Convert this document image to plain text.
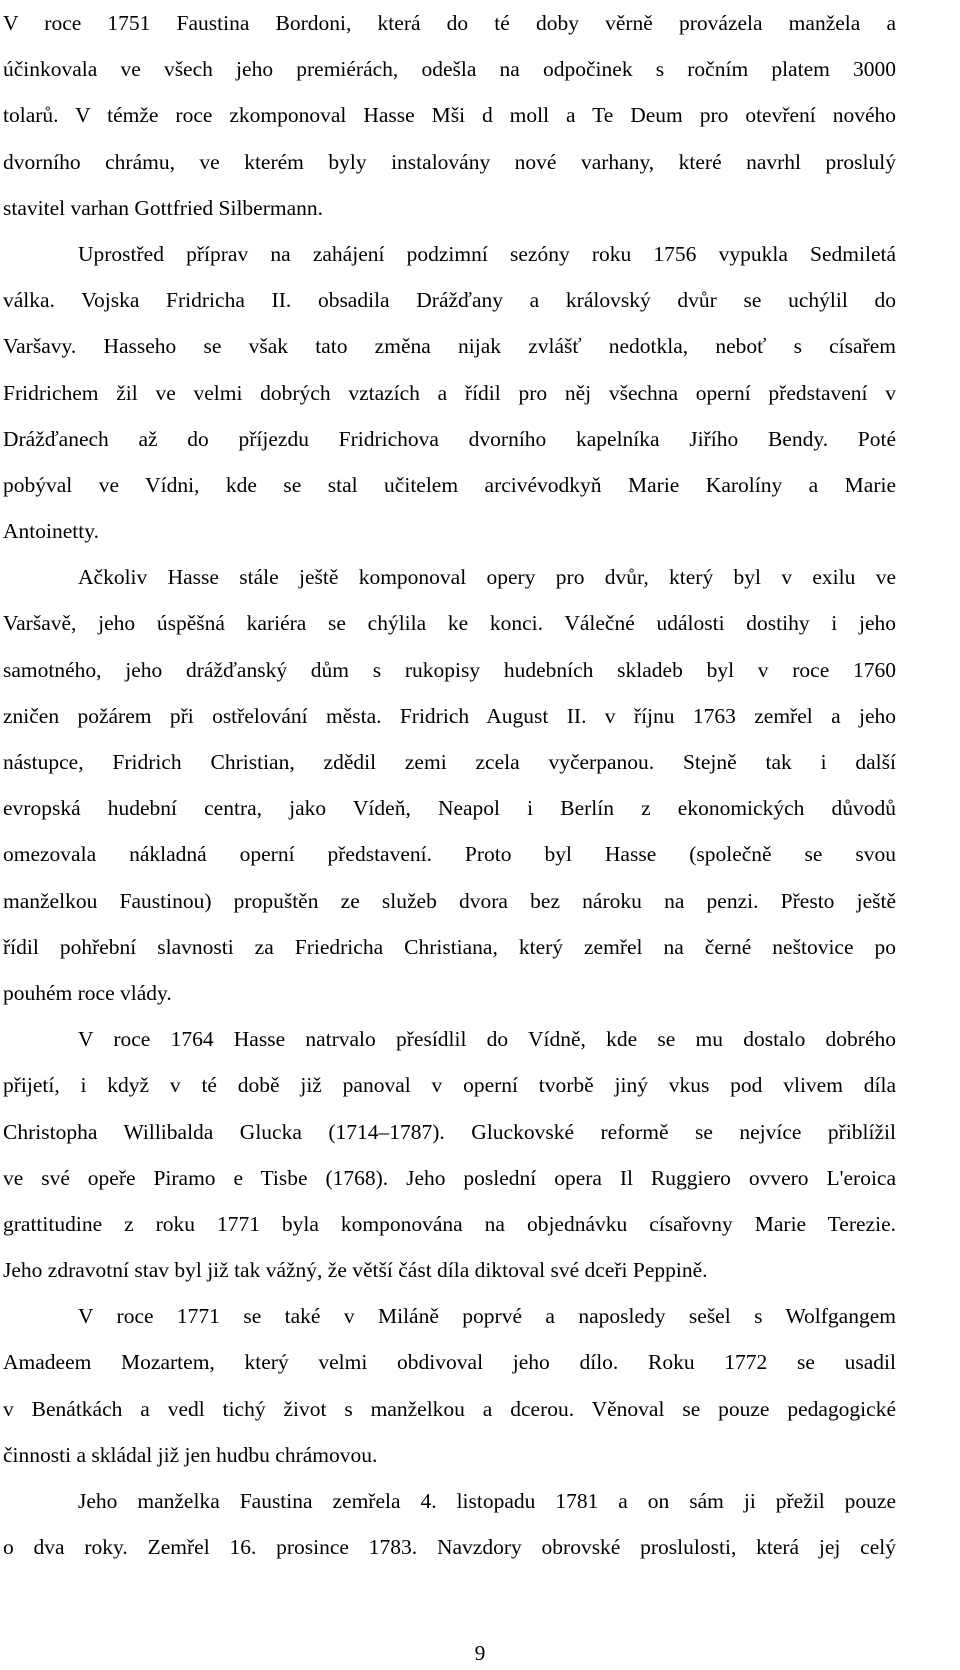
V roce 1751 Faustina Bordoni, která do té doby věrně provázela manžela a
účinkovala ve všech jeho premiérách, odešla na odpočinek s ročním platem 3000
tolarů. V témže roce zkomponoval Hasse Mši d moll a Te Deum pro otevření nového
dvorního chrámu, ve kterém byly instalovány nové varhany, které navrhl proslulý
stavitel varhan Gottfried Silbermann.
Uprostřed příprav na zahájení podzimní sezóny roku 1756 vypukla Sedmiletá
válka. Vojska Fridricha II. obsadila Drážďany a královský dvůr se uchýlil do
Varšavy. Hasseho se však tato změna nijak zvlášť nedotkla, neboť s císařem
Fridrichem žil ve velmi dobrých vztazích a řídil pro něj všechna operní představení v
Drážďanech až do příjezdu Fridrichova dvorního kapelníka Jiřího Bendy. Poté
pobýval ve Vídni, kde se stal učitelem arcivévodkyň Marie Karolíny a Marie
Antoinetty.
Ačkoliv Hasse stále ještě komponoval opery pro dvůr, který byl v exilu ve
Varšavě, jeho úspěšná kariéra se chýlila ke konci. Válečné události dostihy i jeho
samotného, jeho drážďanský dům s rukopisy hudebních skladeb byl v roce 1760
zničen požárem při ostřelování města. Fridrich August II. v říjnu 1763 zemřel a jeho
nástupce, Fridrich Christian, zdědil zemi zcela vyčerpanou. Stejně tak i další
evropská hudební centra, jako Vídeň, Neapol i Berlín z ekonomických důvodů
omezovala nákladná operní představení. Proto byl Hasse (společně se svou
manželkou Faustinou) propuštěn ze služeb dvora bez nároku na penzi. Přesto ještě
řídil pohřební slavnosti za Friedricha Christiana, který zemřel na černé neštovice po
pouhém roce vlády.
V roce 1764 Hasse natrvalo přesídlil do Vídně, kde se mu dostalo dobrého
přijetí, i když v té době již panoval v operní tvorbě jiný vkus pod vlivem díla
Christopha Willibalda Glucka (1714–1787). Gluckovské reformě se nejvíce přiblížil
ve své opeře Piramo e Tisbe (1768). Jeho poslední opera Il Ruggiero ovvero L'eroica
grattitudine z roku 1771 byla komponována na objednávku císařovny Marie Terezie.
Jeho zdravotní stav byl již tak vážný, že větší část díla diktoval své dceři Peppině.
V roce 1771 se také v Miláně poprvé a naposledy sešel s Wolfgangem
Amadeem Mozartem, který velmi obdivoval jeho dílo. Roku 1772 se usadil
v Benátkách a vedl tichý život s manželkou a dcerou. Věnoval se pouze pedagogické
činnosti a skládal již jen hudbu chrámovou.
Jeho manželka Faustina zemřela 4. listopadu 1781 a on sám ji přežil pouze
o dva roky. Zemřel 16. prosince 1783. Navzdory obrovské proslulosti, která jej celý
9
